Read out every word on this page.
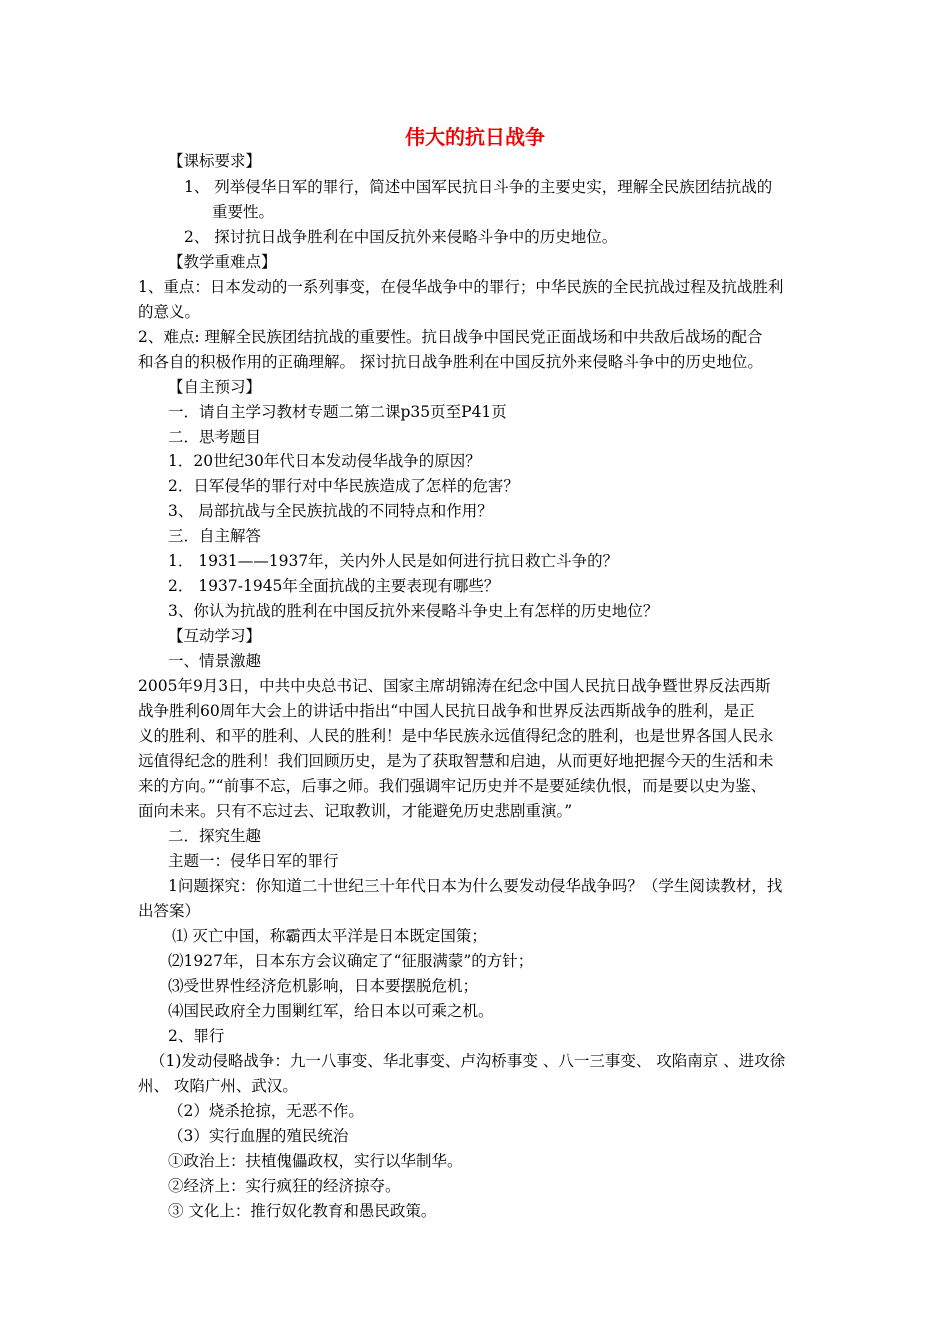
伟大的抗日战争
【课标要求】
1、 列举侵华日军的罪行，简述中国军民抗日斗争的主要史实，理解全民族团结抗战的
重要性。
2、 探讨抗日战争胜利在中国反抗外来侵略斗争中的历史地位。
【教学重难点】
1、重点：日本发动的一系列事变，在侵华战争中的罪行；中华民族的全民抗战过程及抗战胜利
的意义。
2、难点: 理解全民族团结抗战的重要性。抗日战争中国民党正面战场和中共敌后战场的配合
和各自的积极作用的正确理解。 探讨抗日战争胜利在中国反抗外来侵略斗争中的历史地位。
【自主预习】
一．请自主学习教材专题二第二课p35页至P41页
二．思考题目
1．20世纪30年代日本发动侵华战争的原因？
2．日军侵华的罪行对中华民族造成了怎样的危害？
3、 局部抗战与全民族抗战的不同特点和作用？
三．自主解答
1． 1931——1937年，关内外人民是如何进行抗日救亡斗争的？
2． 1937-1945年全面抗战的主要表现有哪些？
3、你认为抗战的胜利在中国反抗外来侵略斗争史上有怎样的历史地位？
【互动学习】
一、情景激趣
2005年9月3日，中共中央总书记、国家主席胡锦涛在纪念中国人民抗日战争暨世界反法西斯
战争胜利60周年大会上的讲话中指出“中国人民抗日战争和世界反法西斯战争的胜利，是正
义的胜利、和平的胜利、人民的胜利！是中华民族永远值得纪念的胜利，也是世界各国人民永
远值得纪念的胜利！我们回顾历史，是为了获取智慧和启迪，从而更好地把握今天的生活和未
来的方向。”“前事不忘，后事之师。我们强调牢记历史并不是要延续仇恨，而是要以史为鉴、
面向未来。只有不忘过去、记取教训，才能避免历史悲剧重演。”
二．探究生趣
主题一：侵华日军的罪行
1问题探究：你知道二十世纪三十年代日本为什么要发动侵华战争吗？（学生阅读教材，找
出答案）
⑴ 灭亡中国，称霸西太平洋是日本既定国策；
⑵1927年，日本东方会议确定了“征服满蒙”的方针；
⑶受世界性经济危机影响，日本要摆脱危机；
⑷国民政府全力围剿红军，给日本以可乘之机。
2、罪行
（1)发动侵略战争：九一八事变、华北事变、卢沟桥事变 、八一三事变、 攻陷南京 、进攻徐
州、 攻陷广州、武汉。
（2）烧杀抢掠，无恶不作。
（3）实行血腥的殖民统治
①政治上：扶植傀儡政权，实行以华制华。
②经济上：实行疯狂的经济掠夺。
③ 文化上：推行奴化教育和愚民政策。
